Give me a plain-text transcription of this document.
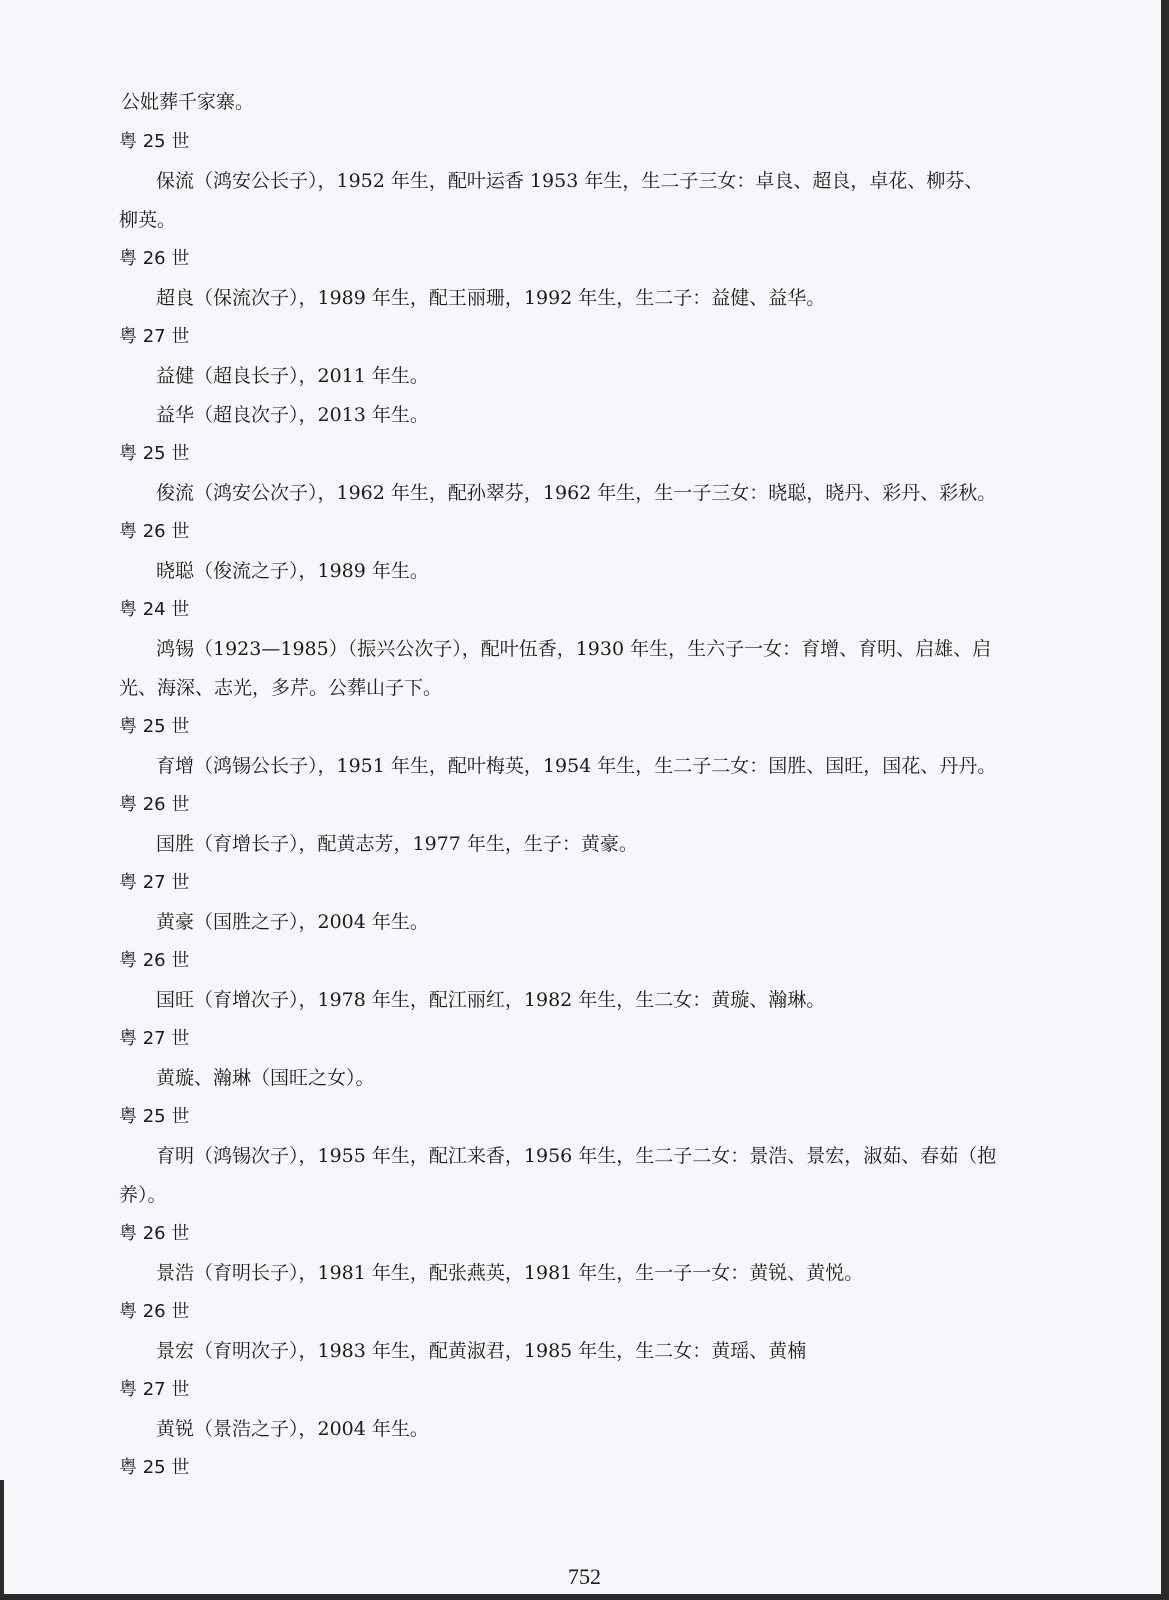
公妣葬千家寨。
粤 25 世
保流（鸿安公长子），1952 年生，配叶运香 1953 年生，生二子三女：卓良、超良，卓花、柳芬、
柳英。
粤 26 世
超良（保流次子），1989 年生，配王丽珊，1992 年生，生二子：益健、益华。
粤 27 世
益健（超良长子），2011 年生。
益华（超良次子），2013 年生。
粤 25 世
俊流（鸿安公次子），1962 年生，配孙翠芬，1962 年生，生一子三女：晓聪，晓丹、彩丹、彩秋。
粤 26 世
晓聪（俊流之子），1989 年生。
粤 24 世
鸿锡（1923—1985）（振兴公次子），配叶伍香，1930 年生，生六子一女：育增、育明、启雄、启
光、海深、志光，多芹。公葬山子下。
粤 25 世
育增（鸿锡公长子），1951 年生，配叶梅英，1954 年生，生二子二女：国胜、国旺，国花、丹丹。
粤 26 世
国胜（育增长子），配黄志芳，1977 年生，生子：黄豪。
粤 27 世
黄豪（国胜之子），2004 年生。
粤 26 世
国旺（育增次子），1978 年生，配江丽红，1982 年生，生二女：黄璇、瀚琳。
粤 27 世
黄璇、瀚琳（国旺之女）。
粤 25 世
育明（鸿锡次子），1955 年生，配江来香，1956 年生，生二子二女：景浩、景宏，淑茹、春茹（抱
养）。
粤 26 世
景浩（育明长子），1981 年生，配张燕英，1981 年生，生一子一女：黄锐、黄悦。
粤 26 世
景宏（育明次子），1983 年生，配黄淑君，1985 年生，生二女：黄瑶、黄楠
粤 27 世
黄锐（景浩之子），2004 年生。
粤 25 世
752
